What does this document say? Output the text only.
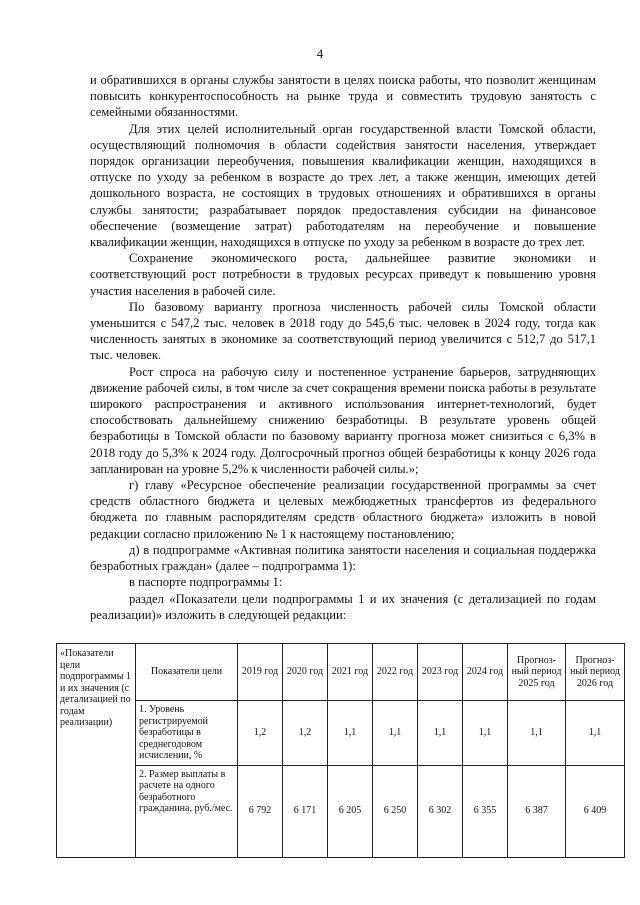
4

и обратившихся в органы службы занятости в целях поиска работы, что позволит женщинам повысить конкурентоспособность на рынке труда и совместить трудовую занятость с семейными обязанностями.

Для этих целей исполнительный орган государственной власти Томской области, осуществляющий полномочия в области содействия занятости населения, утверждает порядок организации переобучения, повышения квалификации женщин, находящихся в отпуске по уходу за ребенком в возрасте до трех лет, а также женщин, имеющих детей дошкольного возраста, не состоящих в трудовых отношениях и обратившихся в органы службы занятости; разрабатывает порядок предоставления субсидии на финансовое обеспечение (возмещение затрат) работодателям на переобучение и повышение квалификации женщин, находящихся в отпуске по уходу за ребенком в возрасте до трех лет.

Сохранение экономического роста, дальнейшее развитие экономики и соответствующий рост потребности в трудовых ресурсах приведут к повышению уровня участия населения в рабочей силе.

По базовому варианту прогноза численность рабочей силы Томской области уменьшится с 547,2 тыс. человек в 2018 году до 545,6 тыс. человек в 2024 году, тогда как численность занятых в экономике за соответствующий период увеличится с 512,7 до 517,1 тыс. человек.

Рост спроса на рабочую силу и постепенное устранение барьеров, затрудняющих движение рабочей силы, в том числе за счет сокращения времени поиска работы в результате широкого распространения и активного использования интернет-технологий, будет способствовать дальнейшему снижению безработицы. В результате уровень общей безработицы в Томской области по базовому варианту прогноза может снизиться с 6,3% в 2018 году до 5,3% к 2024 году. Долгосрочный прогноз общей безработицы к концу 2026 года запланирован на уровне 5,2% к численности рабочей силы.»;

г) главу «Ресурсное обеспечение реализации государственной программы за счет средств областного бюджета и целевых межбюджетных трансфертов из федерального бюджета по главным распорядителям средств областного бюджета» изложить в новой редакции согласно приложению № 1 к настоящему постановлению;

д) в подпрограмме «Активная политика занятости населения и социальная поддержка безработных граждан» (далее – подпрограмма 1):

в паспорте подпрограммы 1:

раздел «Показатели цели подпрограммы 1 и их значения (с детализацией по годам реализации)» изложить в следующей редакции:

«Показатели цели подпрограммы 1 и их значения (с детализацией по годам реализации)	Показатели цели	2019 год	2020 год	2021 год	2022 год	2023 год	2024 год	Прогноз-ный период 2025 год	Прогноз-ный период 2026 год
	1. Уровень регистрируемой безработицы в среднегодовом исчислении, %	1,2	1,2	1,1	1,1	1,1	1,1	1,1	1,1
	2. Размер выплаты в расчете на одного безработного гражданина, руб./мес.	6 792	6 171	6 205	6 250	6 302	6 355	6 387	6 409
